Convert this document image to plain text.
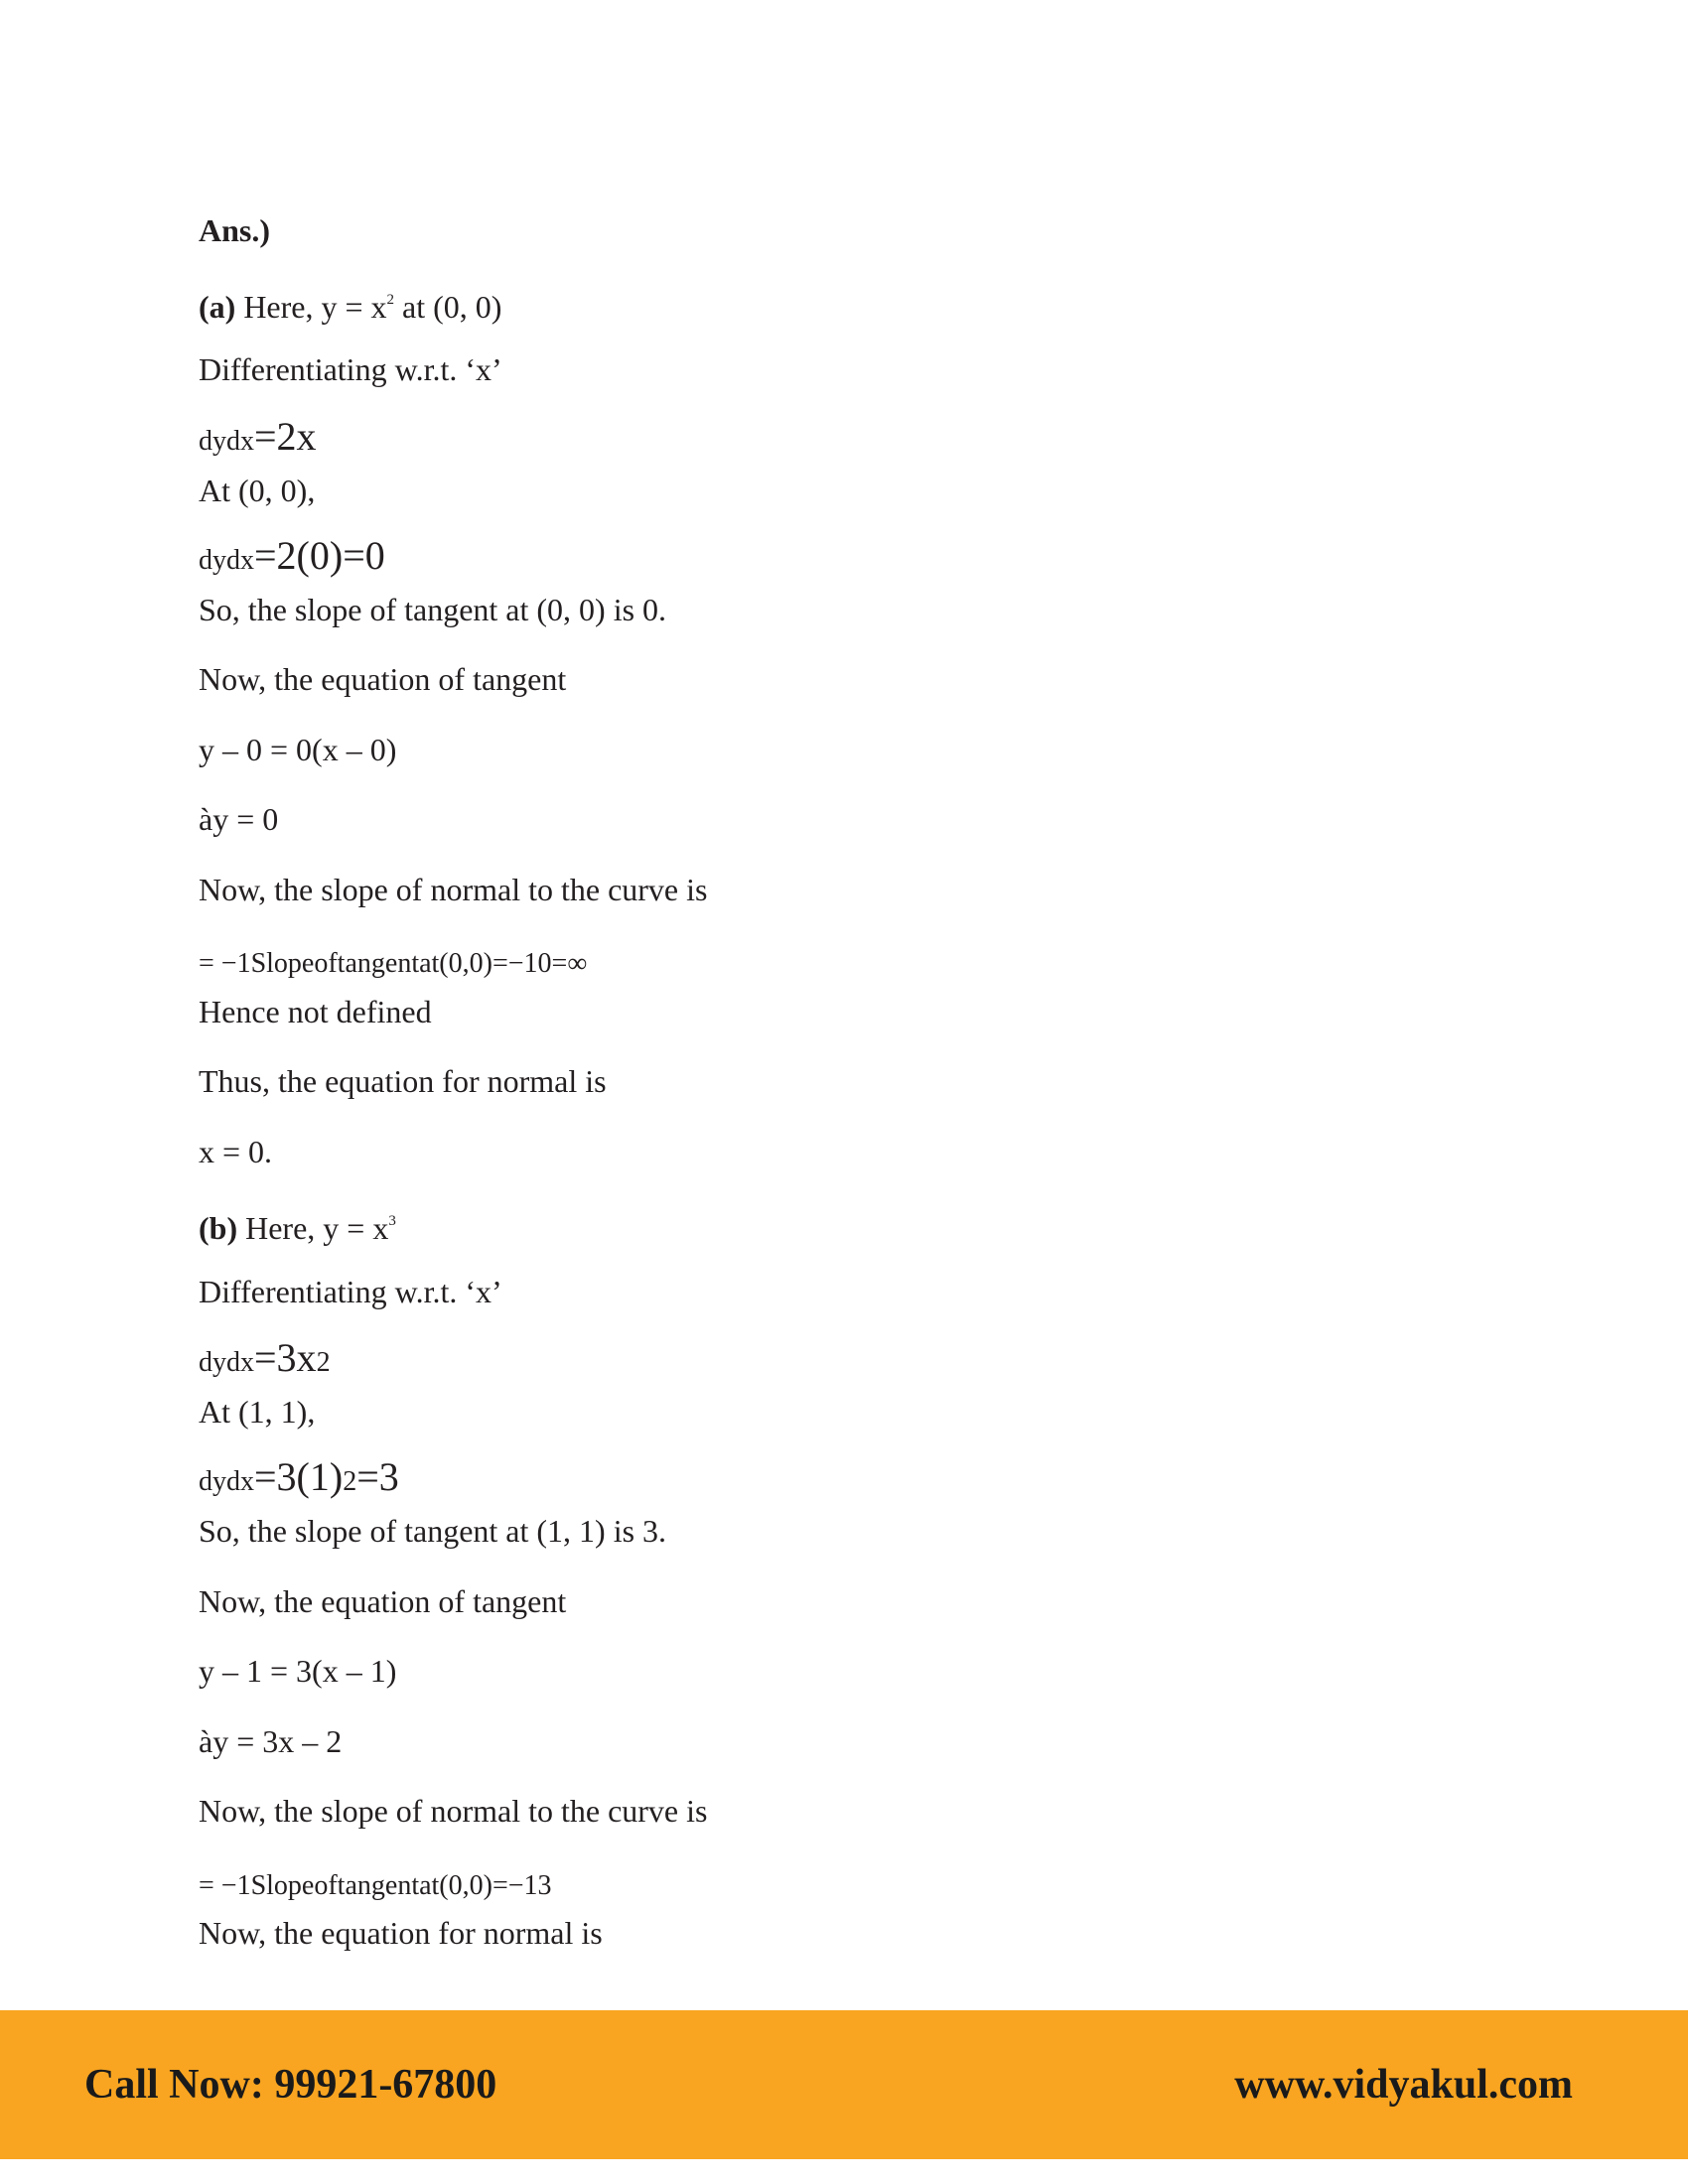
Ans.)
(a) Here, $y = x^2$ at (0, 0)
Differentiating w.r.t. ‘x’
dydx=2x
At (0, 0),
dydx=2(0)=0
So, the slope of tangent at (0, 0) is 0.
Now, the equation of tangent
y – 0 = 0(x – 0)
ày = 0
Now, the slope of normal to the curve is
= −1Slopeoftangentat(0,0)=−10=∞
Hence not defined
Thus, the equation for normal is
x = 0.
(b) Here, $y = x^3$
Differentiating w.r.t. ‘x’
dydx=3x2
At (1, 1),
dydx=3(1)2=3
So, the slope of tangent at (1, 1) is 3.
Now, the equation of tangent
y – 1 = 3(x – 1)
ày = 3x – 2
Now, the slope of normal to the curve is
= −1Slopeoftangentat(0,0)=−13
Now, the equation for normal is
Call Now: 99921-67800	www.vidyakul.com
